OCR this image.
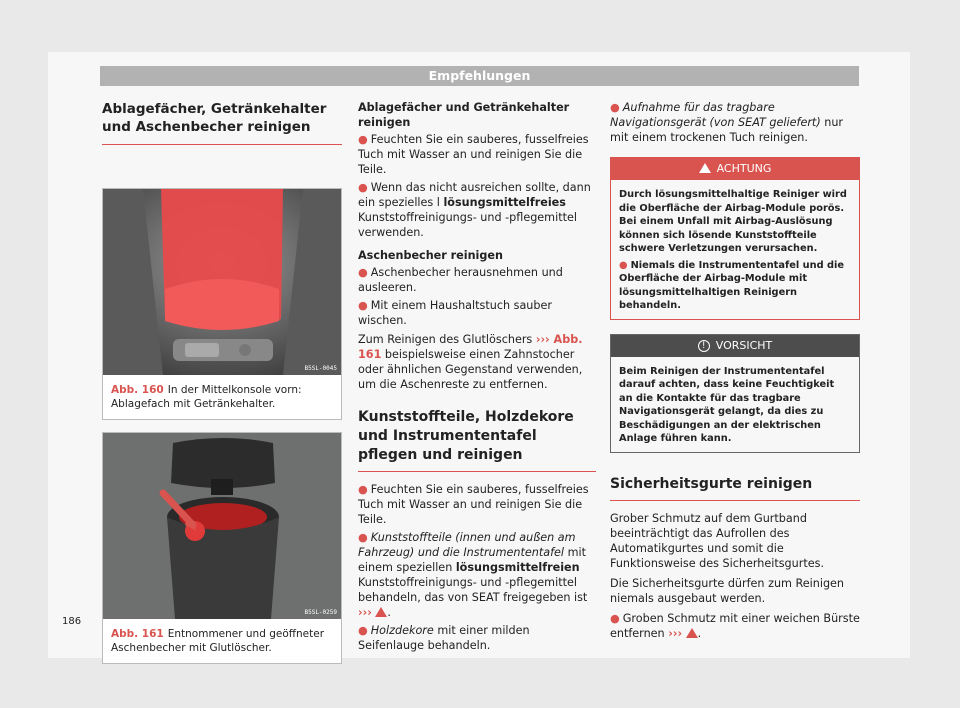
Empfehlungen
Ablagefächer, Getränkehalter und Aschenbecher reinigen
B5SL-0045
Abb. 160 In der Mittelkonsole vorn: Ablagefach mit Getränkehalter.
B5SL-0259
Abb. 161 Entnommener und geöffneter Aschenbecher mit Glutlöscher.
Ablagefächer und Getränkehalter reinigen
● Feuchten Sie ein sauberes, fusselfreies Tuch mit Wasser an und reinigen Sie die Teile.
● Wenn das nicht ausreichen sollte, dann ein spezielles l lösungsmittelfreies Kunststoffreinigungs- und -pflegemittel verwenden.
Aschenbecher reinigen
● Aschenbecher herausnehmen und ausleeren.
● Mit einem Haushaltstuch sauber wischen.

Zum Reinigen des Glutlöschers ››› Abb. 161 beispielsweise einen Zahnstocher oder ähnlichen Gegenstand verwenden, um die Aschenreste zu entfernen.

Kunststoffteile, Holzdekore und Instrumententafel pflegen und reinigen
● Feuchten Sie ein sauberes, fusselfreies Tuch mit Wasser an und reinigen Sie die Teile.
● Kunststoffteile (innen und außen am Fahrzeug) und die Instrumententafel mit einem speziellen lösungsmittelfreien Kunststoffreinigungs- und -pflegemittel behandeln, das von SEAT freigegeben ist ››› .
● Holzdekore mit einer milden Seifenlauge behandeln.
● Aufnahme für das tragbare Navigationsgerät (von SEAT geliefert) nur mit einem trockenen Tuch reinigen.
ACHTUNG
Durch lösungsmittelhaltige Reiniger wird die Oberfläche der Airbag-Module porös. Bei einem Unfall mit Airbag-Auslösung können sich lösende Kunststoffteile schwere Verletzungen verursachen.
● Niemals die Instrumententafel und die Oberfläche der Airbag-Module mit lösungsmittelhaltigen Reinigern behandeln.
! VORSICHT
Beim Reinigen der Instrumententafel darauf achten, dass keine Feuchtigkeit an die Kontakte für das tragbare Navigationsgerät gelangt, da dies zu Beschädigungen an der elektrischen Anlage führen kann.
Sicherheitsgurte reinigen

Grober Schmutz auf dem Gurtband beeinträchtigt das Aufrollen des Automatikgurtes und somit die Funktionsweise des Sicherheitsgurtes.

Die Sicherheitsgurte dürfen zum Reinigen niemals ausgebaut werden.

● Groben Schmutz mit einer weichen Bürste entfernen ››› .
186
